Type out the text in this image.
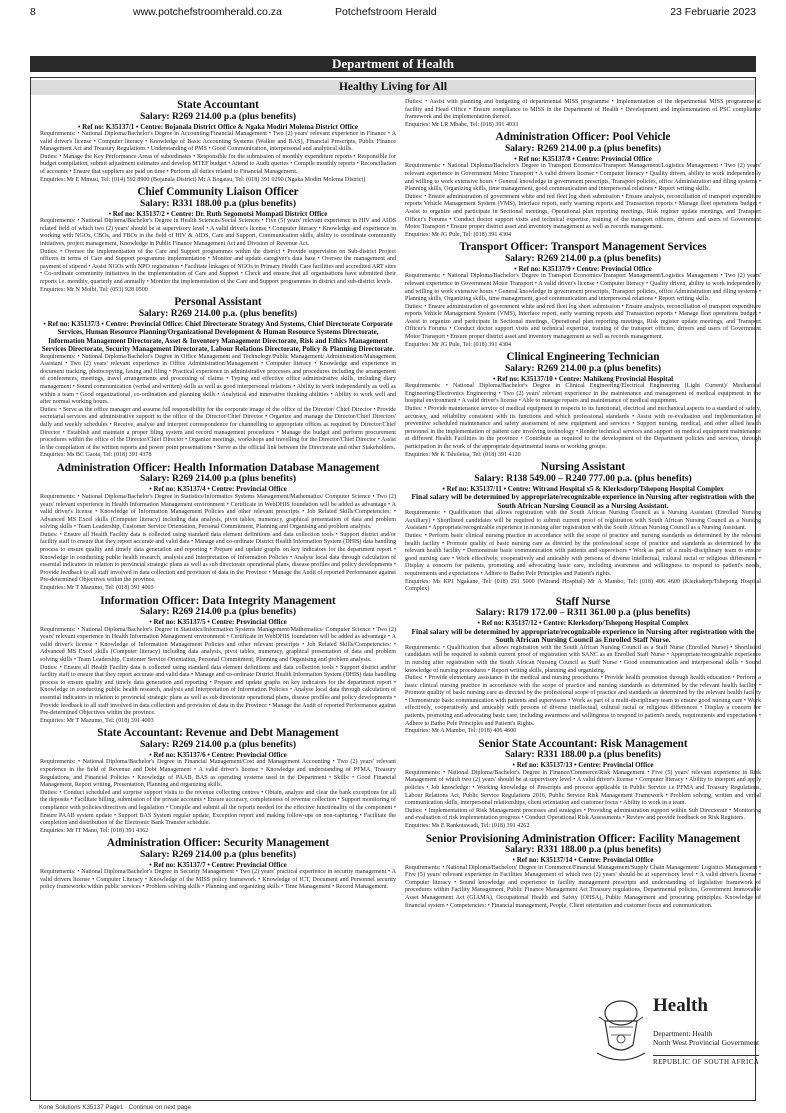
8	www.potchefstroomherald.co.za	Potchefstroom Herald	23 Februarie 2023
Department of Health
Healthy Living for All
State Accountant
Salary: R269 214.00 p.a (plus benefits)
• Ref no: K35137/1 • Centre: Bojanala District Office & Ngaka Modiri Molema District Office

Requirements: • National Diploma/Bachelor's Degree in Accounting/Financial Management • Two (2) years' relevant experience in Finance • A valid driver's license • Computer literacy • Knowledge of Basic Accounting Systems (Walker and BAS), Financial Prescripts, Public Finance Management Act and Treasury Regulations • Understanding of PMS • Good Communication, interpersonal and analytical skills.

Duties: • Manage the Key Performance Areas of subordinates • Responsible for the submission of monthly expenditure reports • Responsible for budget compilation, submit adjustment estimates and develop MTEF budget • Attend to Audit queries • Compile monthly reports • Reconciliation of accounts • Ensure that suppliers are paid on time • Perform all duties related to Financial Management.

Enquiries: Mr E Mmusi, Tel: (014) 592 8900 (Bojanala District) Mr A Bogatsu, Tel: (018) 391 0290 (Ngaka Modiri Molema District)

Chief Community Liaison Officer
Salary: R331 188.00 p.a (plus benefits)
• Ref no: K35137/2 • Centre: Dr. Ruth Segomotsi Mompati District Office

Requirements: • National Diploma/Bachelor's Degree in Health Sciences/Social Sciences • Five (5) years' relevant experience in HIV and AIDS related field of which two (2) years' should be at supervisory level • A valid driver's license • Computer literacy • Knowledge and experience in working with NGOs, CBOs, and FBOs in the field of HIV & AIDS, Care and Support, Communication skills, ability to coordinate community initiatives, project management, Knowledge in Public Finance Management Act and Division of Revenue Act.

Duties: • Oversee the implementation of the Care and Support programmes within the district • Provide supervision on Sub-district Project officers in terms of Care and Support programme implementation • Monitor and update caregiver's data base • Oversee the management and payment of stipend • Assist NGOs with NPO registration • Facilitate linkages of NGOs to Primary Health Care facilities and accredited ART sites • Co-ordinate community initiatives in the implementation of Care and Support • Check and ensure that all organisations have submitted their reports i.e. monthly, quarterly and annually • Monitor the implementation of the Care and Support programmes in district and sub-district levels.

Enquiries: Mr N Moibi, Tel: (053) 928 0500

Personal Assistant
Salary: R269 214.00 p.a. (plus benefits)
• Ref no: K35137/3 • Centre: Provincial Office: Chief Directorate Strategy And Systems, Chief Directorate Corporate Services, Human Resource Planning/Organizational Development & Human Resource Systems Directorate, Information Management Directorate, Asset & Inventory Management Directorate, Risk and Ethics Management Services Directorate, Security Management Directorate, Labour Relations Directorate, Policy & Planning Directorate.

Requirements: • National Diploma/Bachelor's Degree in Office Management and Technology/Public Management/ Administration/Management Assistant • Two (2) years' relevant experience in Office Administration/Management • Computer literacy • Knowledge and experience in document tracking, photocopying, faxing and filing • Practical experience in administrative processes and procedures including the arrangement of conferences, meetings, travel arrangements and processing of claims • Typing and effective office administrative skills, including diary management • Sound communication (verbal and written) skills as well as good interpersonal relations • Ability to work independently as well as within a team • Good organizational, co-ordination and planning skills • Analytical and innovative thinking abilities • Ability to work well and after normal working hours.

Duties: • Serve as the office manager and assume full responsibility for the corporate image of the office of the Director/ Chief Director • Provide secretarial services and administrative support to the office of the Director/Chief Director • Organize and manage the Director/Chief Directors' daily and weekly schedules • Receive, analyse and interpret correspondence for channelling to appropriate offices as required by Director/Chief Director • Establish and maintain a proper filing system and record management procedures • Manage the budget and perform procurement procedures within the office of the Director/Chief Director • Organize meetings, workshops and travelling for the Director/Chief Director • Assist in the compilation of the written reports and power point presentations • Serve as the official link between the Directorate and other Stakeholders.

Enquiries: Ms BC Gaota, Tel: (018) 391 4378

Administration Officer: Health Information Database Management
Salary: R269 214.00 p.a (plus benefits)
• Ref no: K35137/4 • Centre: Provincial Office

Requirements: • National Diploma/Bachelor's Degree in Statistics/Informatics Systems Management/Mathematics/ Computer Science • Two (2) years' relevant experience in Health Information Management environment • Certificate in WebDHIS foundation will be added as advantage • A valid driver's license • Knowledge of Information Management Policies and other relevant prescripts • Job Related Skills/Competencies: • Advanced MS Excel skills (Computer literacy) including data analysis, pivot tables, numeracy, graphical presentation of data and problem solving skills • Team Leadership, Customer Service Orientation, Personal Commitment, Planning and Organising and problem analysis.

Duties: • Ensure all Health Facility data is collected using standard data element definitions and data collection tools • Support district and/or facility staff to ensure that they report accurate and valid data • Manage and co-ordinate District Health Information System (DHIS) data handling process to ensure quality and timely data generation and reporting • Prepare and update graphs on key indicators for the department report • Knowledge in conducting public health research, analysis and Interpretation of Information Policies • Analyse local data through calculation of essential indicators in relation to provincial strategic plans as well as sub directorate operational plans, disease profiles and policy developments • Provide feedback to all staff involved in data collection and provision of data in the Province • Manage the Audit of reported Performance against Pre-determined Objectives within the province.

Enquiries: Mr T Mazumo, Tel: (018) 391 4003

Information Officer: Data Integrity Management
Salary: R269 214.00 p.a (plus benefits)
• Ref no: K35137/5 • Centre: Provincial Office

Requirements: • National Diploma/Bachelor's Degree in Statistics/Information Systems Management/Mathematics/ Computer Science • Two (2) years' relevant experience in Health Information Management environment • Certificate in WebDHIS foundation will be added as advantage • A valid driver's license • Knowledge of Information Management Policies and other relevant prescripts • Job Related Skills/Competencies: • Advanced MS Excel skills (Computer literacy) including data analysis, pivot tables, numeracy, graphical presentation of data and problem solving skills • Team Leadership, Customer Service Orientation, Personal Commitment, Planning and Organising and problem analysis.

Duties: • Ensure all Health Facility data is collected using standard data element definitions and data collection tools • Support district and/or facility staff to ensure that they report accurate and valid data • Manage and co-ordinate District Health Information System (DHIS) data handling process to ensure quality and timely data generation and reporting • Prepare and update graphs on key indicators for the department report • Knowledge in conducting public health research, analysis and Interpretation of Information Policies • Analyse local data through calculation of essential indicators in relation to provincial strategic plans as well as sub directorate operational plans, disease profiles and policy developments • Provide feedback to all staff involved in data collection and provision of data in the Province • Manage the Audit of reported Performance against Pre-determined Objectives within the province.

Enquiries: Mr T Mazumo, Tel: (018) 391 4003

State Accountant: Revenue and Debt Management
Salary: R269 214.00 p.a (plus benefits)
• Ref no: K35137/6 • Centre: Provincial Office

Requirements: • National Diploma/Bachelor's Degree in Financial Management/Cost and Management Accounting • Two (2) years' relevant experience in the field of Revenue and Debt Management • A valid driver's license • Knowledge and understanding of PFMA, Treasury Regulations, and Financial Policies • Knowledge of PAAB, BAS as operating systems used in the Department • Skills: • Good Financial Management, Report writing, Presentation, Planning and organizing skills.

Duties: • Conduct scheduled and surprise support visits to the revenue collecting centres • Obtain, analyze and clear the bank exceptions for all the deposits • Facilitate billing, submission of the private accounts • Ensure accuracy, completeness of revenue collection • Support monitoring of compliance with policies/directives and legislation • Compile and submit all the reports needed for the effective functionality of the component • Ensure PAAB system update • Support BAS System regular update, Exception report and making follow-ups on non-capturing • Facilitate the completion and distribution of the Electronic Bank Transfer schedule.

Enquiries: Mr IT Mano, Tel: (018) 391 4362

Administration Officer: Security Management
Salary: R269 214.00 p.a (plus benefits)
• Ref no: K35137/7 • Centre: Provincial Office

Requirements: • National Diploma/Bachelor's Degree in Security Management • Two (2) years' practical experience in security management • A valid drivers license • Computer Literacy • Knowledge of the MISS policy framework • Knowledge of ICT, Document and Personnel security policy frameworks within public services • Problem solving skills • Planning and organizing skills • Time Management • Record Management.

Duties: • Assist with planning and budgeting of departmental MISS programme • Implementation of the departmental MISS programme at facility and Head Office • Ensure compliance to MISS in the Department of Health • Development and implementation of PSC compliance framework and the implementation thereof.

Enquiries: Mr LR Mbabe, Tel: (018) 391 4033

Administration Officer: Pool Vehicle
Salary: R269 214.00 p.a (plus benefits)
• Ref no: K35137/8 • Centre: Provincial Office

Requirements: • National Diploma/Bachelor's Degree in Transport Economics/Transport Management/Logistics Management • Two (2) years' relevant experience in Government Motor Transport • A valid drivers license • Computer literacy • Quality driven, ability to work independently and willing to work extensive hours • General knowledge in government prescripts, Transport policies, office Administration and filing systems • Planning skills, Organizing skills, time management, good communication and interpersonal relations • Report writing skills.

Duties: • Ensure administration of government white and red fleet log sheet submission • Ensure analysis, reconciliation of transport expenditure reports Vehicle Management System (VMS), Interface report, early warning reports and Transaction reports • Manage fleet operations budget • Assist to organize and participate in Sectional meetings, Operational plan reporting meetings, Risk register update meetings, and Transport Officer's Forums • Conduct doctor support visits and technical expertise, training of the transport officers, drivers and users of Government Motor Transport • Ensure proper district asset and inventory management as well as records management.

Enquiries: Mr JG Pule, Tel: (018) 391 4304

Transport Officer: Transport Management Services
Salary: R269 214.00 p.a (plus benefits)
• Ref no: K35137/9 • Centre: Provincial Office

Requirements: • National Diploma/Bachelor's Degree in Transport Economics/Transport Management/Logistics Management • Two (2) years' relevant experience in Government Motor Transport • A valid driver's license • Computer literacy • Quality driven, ability to work independently and willing to work extensive hours • General knowledge in government prescripts, Transport policies, office Administration and filing systems • Planning skills, Organizing skills, time management, good communication and interpersonal relations • Report writing skills.

Duties: • Ensure administration of government white and red fleet log sheet submission • Ensure analysis, reconciliation of transport expenditure reports Vehicle Management System (VMS), Interface report, early warning reports and Transaction reports • Manage fleet operations budget • Assist to organize and participate in Sectional meetings, Operational plan reporting meetings, Risk register update meetings, and Transport Officer's Forums • Conduct doctor support visits and technical expertise, training of the transport officers, drivers and users of Government Motor Transport • Ensure proper district asset and inventory management as well as records management.

Enquiries: Mr JG Pule, Tel: (018) 391 4304

Clinical Engineering Technician
Salary: R269 214.00 p.a (plus benefits)
• Ref no: K35137/10 • Centre: Mahikeng Provincial Hospital

Requirements: • National Diploma/Bachelor's Degree in Clinical Engineering/Electrical Engineering (Light Current)/ Mechanical Engineering/Electronics Engineering • Two (2) years' relevant experience in the maintenance and management of medical equipment in the hospital environment • A valid driver's license • Able to manage repairs and maintenance of medical equipment.

Duties: • Provide maintenance service of medical equipment in respects to its functional, electrical and mechanical aspects to a standard of safety, accuracy, and reliability consistent with its functions and which professional standards • Assist with re-evaluation and implementation of preventive scheduled maintenance and safety assessment of new equipment and services • Support nursing, medical, and other allied health personnel in the implementation of patient care involving technology • Render technical services and support on medical equipment maintenance at different Health Facilities in the province • Contribute as required to the development of the Department policies and services, through participation in the work of the appropriate departmental teams or working groups.

Enquiries: Mr K Tsholetsa, Tel: (018) 391 4120

Nursing Assistant
Salary: R138 549.00 – R240 777.00 p.a. (plus benefits)
• Ref no: K35137/11 • Centre: Witrand Hospital x5 & Klerksdorp/Tshepong Hospital Complex
Final salary will be determined by appropriate/recognizable experience in Nursing after registration with the South African Nursing Council as a Nursing Assistant.

Requirements: • Qualification that allows registration with the South African Nursing Council as a Nursing Assistant (Enrolled Nursing Auxiliary) • Shortlisted candidates will be required to submit current proof of registration with South African Nursing Council as a Nursing Assistant • Appropriate/recognizable experience in nursing after registration with the South African Nursing Council as a Nursing Assistant.

Duties: • Perform basic clinical nursing practice in accordance with the scope of practice and nursing standards as determined by the relevant health facility • Promote quality of basic nursing care as directed by the professional scope of practice and standards as determined by the relevant health facility • Demonstrate basic communication with patients and supervisors • Work as part of a multi-disciplinary team to ensure good nursing care • Work effectively, cooperatively and amicably with persons of diverse intellectual, cultural racial or religious differences • Display a concern for patients, promoting and advocating basic care, including awareness and willingness to respond to patient's needs, requirements and expectations • Adhere to Batho Pele Principles and Patient's rights.

Enquiries: Ms KPJ Ngakane, Tel: (018) 291 5000 (Witrand Hospital) Mr A Mambo, Tel: (018) 406 4600 (Klerksdorp/Tshepong Hospital Complex)

Staff Nurse
Salary: R179 172.00 – R311 361.00 p.a (plus benefits)
• Ref no: K35137/12 • Centre: Klerksdorp/Tshepong Hospital Complex
Final salary will be determined by appropriate/recognizable experience in Nursing after registration with the South African Nursing Council as Enrolled Staff Nurse.

Requirements: • Qualification that allows registration with the South African Nursing Council as a Staff Nurse (Enrolled Nurse) • Shortlisted candidates will be required to submit current proof of registration with SANC as an Enrolled Staff Nurse • Appropriate/recognizable experience in nursing after registration with the South African Nursing Council as Staff Nurse • Good communication and interpersonal skills • Sound knowledge of nursing procedures • Report writing skills, planning and organizing.

Duties: • Provide elementary assistance in the medical and nursing procedures • Provide health promotion through health education • Perform a basic clinical nursing practice in accordance with the scope of practice and nursing standards as determined by the relevant health facility • Promote quality of basic nursing care as directed by the professional scope of practice and standards as determined by the relevant health facility • Demonstrate basic communication with patients and supervisors • Work as part of a multi-disciplinary team to ensure good nursing care • Work effectively, cooperatively and amicably with persons of diverse intellectual, cultural racial or religious differences • Display a concern for patients, promoting and advocating basic care, including awareness and willingness to respond to patient's needs, requirements and expectations • Adhere to Batho Pele Principles and Patient's Rights.

Enquiries: Mr A Mambo, Tel: (018) 406 4600

Senior State Accountant: Risk Management
Salary: R331 188.00 p.a (plus benefits)
• Ref no: K35137/13 • Centre: Provincial Office

Requirements: • National Diploma/Bachelor's Degree in Finance/Commerce/Risk Management • Five (5) years' relevant experience in Risk Management of which two (2) years' should be at supervisory level • A valid driver's license • Computer literacy • Ability to interpret and apply policies • Job knowledge: • Working knowledge of Prescripts and process applicable in Public Service i.e PFMA and Treasury Regulations, Labour Relations Act, Public Service Regulations 2016, Public Service Risk Management Framework • Problem solving, written and verbal communication skills, interpersonal relationships, client orientation and customer focus • Ability to work in a team.

Duties: • Implementation of Risk Management processes and strategies • Providing administration support within Sub Directorate • Monitoring and evaluation of risk implementation progress • Conduct Operational Risk Assessments • Review and provide feedback on Risk Registers.

Enquiries: Ms E Rankotswadi, Tel: (018) 391 4262

Senior Provisioning Administration Officer: Facility Management
Salary: R331 188.00 p.a (plus benefits)
• Ref no: K35137/14 • Centre: Provincial Office

Requirements: • National Diploma/Bachelors' Degree in Commerce/Financial Management/Supply Chain Management/ Logistics Management • Five (5) years' relevant experience in Facilities Management of which two (2) years' should be at supervisory level • A valid driver's license • Computer literacy • Sound knowledge and experience in facility management prescripts and understanding of legislative framework of procedures within Facility Management, Public Finance Management Act Treasury regulations, Departmental policies, Government Immovable Asset Management Act (GIAMA), Occupational Health and Safety (OHSA), Public Management and procuring principles. Knowledge of financial system • Competencies: • Financial management, People, Client orientation and customer focus and communication.

Kone Solutions K35137 Page1 · Continue on next page
Health
Department: Health
North West Provincial Government
REPUBLIC OF SOUTH AFRICA
